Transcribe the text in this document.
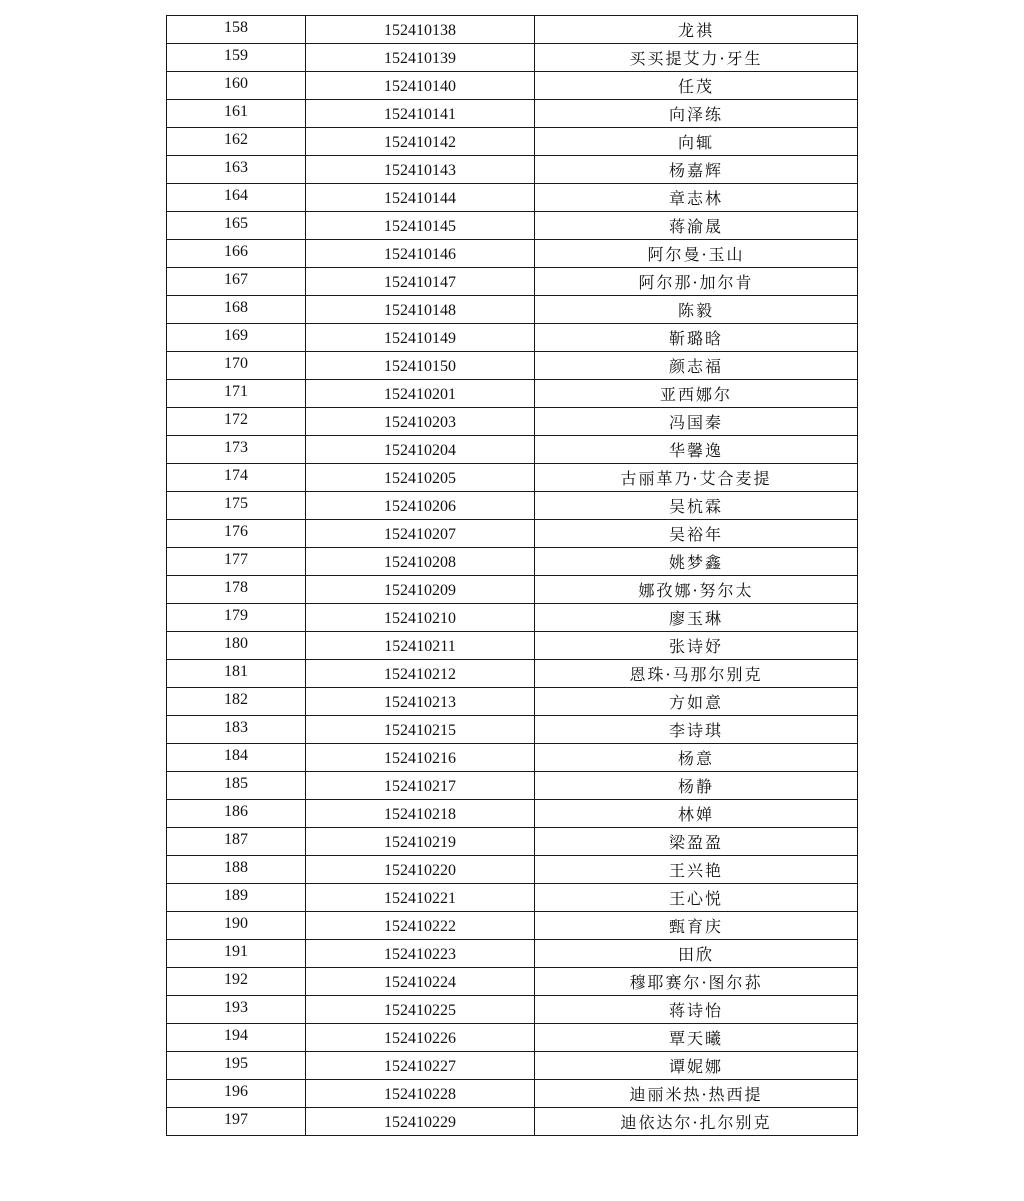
158	152410138	龙祺
159	152410139	买买提艾力·牙生
160	152410140	任茂
161	152410141	向泽练
162	152410142	向辄
163	152410143	杨嘉辉
164	152410144	章志林
165	152410145	蒋渝晟
166	152410146	阿尔曼·玉山
167	152410147	阿尔那·加尔肯
168	152410148	陈毅
169	152410149	靳璐晗
170	152410150	颜志福
171	152410201	亚西娜尔
172	152410203	冯国秦
173	152410204	华馨逸
174	152410205	古丽革乃·艾合麦提
175	152410206	吴杭霖
176	152410207	吴裕年
177	152410208	姚梦鑫
178	152410209	娜孜娜·努尔太
179	152410210	廖玉琳
180	152410211	张诗妤
181	152410212	恩珠·马那尔别克
182	152410213	方如意
183	152410215	李诗琪
184	152410216	杨意
185	152410217	杨静
186	152410218	林婵
187	152410219	梁盈盈
188	152410220	王兴艳
189	152410221	王心悦
190	152410222	甄育庆
191	152410223	田欣
192	152410224	穆耶赛尔·图尔荪
193	152410225	蒋诗怡
194	152410226	覃天曦
195	152410227	谭妮娜
196	152410228	迪丽米热·热西提
197	152410229	迪依达尔·扎尔别克
